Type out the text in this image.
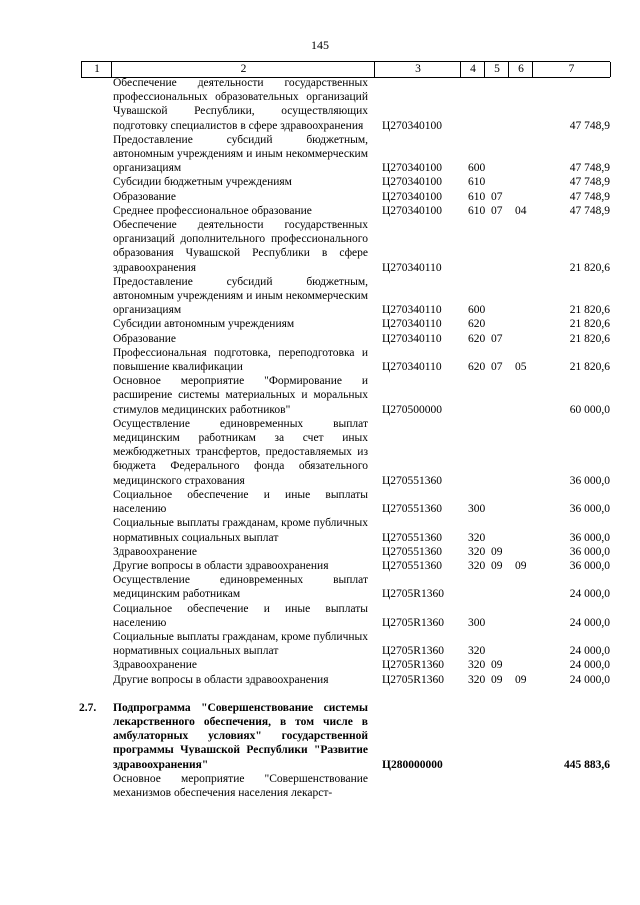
145
1	2	3	4	5	6	7
Обеспечение деятельности государственных профессиональных образовательных организаций Чувашской Республики, осуществляющих подготовку специалистов в сфере здравоохранения	Ц270340100	47 748,9
Предоставление субсидий бюджетным, автономным учреждениям и иным некоммерческим организациям	Ц270340100 600	47 748,9
Субсидии бюджетным учреждениям	Ц270340100 610	47 748,9
Образование	Ц270340100 610 07	47 748,9
Среднее профессиональное образование	Ц270340100 610 07 04	47 748,9
Обеспечение деятельности государственных организаций дополнительного профессионального образования Чувашской Республики в сфере здравоохранения	Ц270340110	21 820,6
Предоставление субсидий бюджетным, автономным учреждениям и иным некоммерческим организациям	Ц270340110 600	21 820,6
Субсидии автономным учреждениям	Ц270340110 620	21 820,6
Образование	Ц270340110 620 07	21 820,6
Профессиональная подготовка, переподготовка и повышение квалификации	Ц270340110 620 07 05	21 820,6
Основное мероприятие "Формирование и расширение системы материальных и моральных стимулов медицинских работников"	Ц270500000	60 000,0
Осуществление единовременных выплат медицинским работникам за счет иных межбюджетных трансфертов, предоставляемых из бюджета Федерального фонда обязательного медицинского страхования	Ц270551360	36 000,0
Социальное обеспечение и иные выплаты населению	Ц270551360 300	36 000,0
Социальные выплаты гражданам, кроме публичных нормативных социальных выплат	Ц270551360 320	36 000,0
Здравоохранение	Ц270551360 320 09	36 000,0
Другие вопросы в области здравоохранения	Ц270551360 320 09 09	36 000,0
Осуществление единовременных выплат медицинским работникам	Ц2705R1360	24 000,0
Социальное обеспечение и иные выплаты населению	Ц2705R1360 300	24 000,0
Социальные выплаты гражданам, кроме публичных нормативных социальных выплат	Ц2705R1360 320	24 000,0
Здравоохранение	Ц2705R1360 320 09	24 000,0
Другие вопросы в области здравоохранения	Ц2705R1360 320 09 09	24 000,0
2.7. Подпрограмма "Совершенствование системы лекарственного обеспечения, в том числе в амбулаторных условиях" государственной программы Чувашской Республики "Развитие здравоохранения"	Ц280000000	445 883,6
Основное мероприятие "Совершенствование механизмов обеспечения населения лекарст-
